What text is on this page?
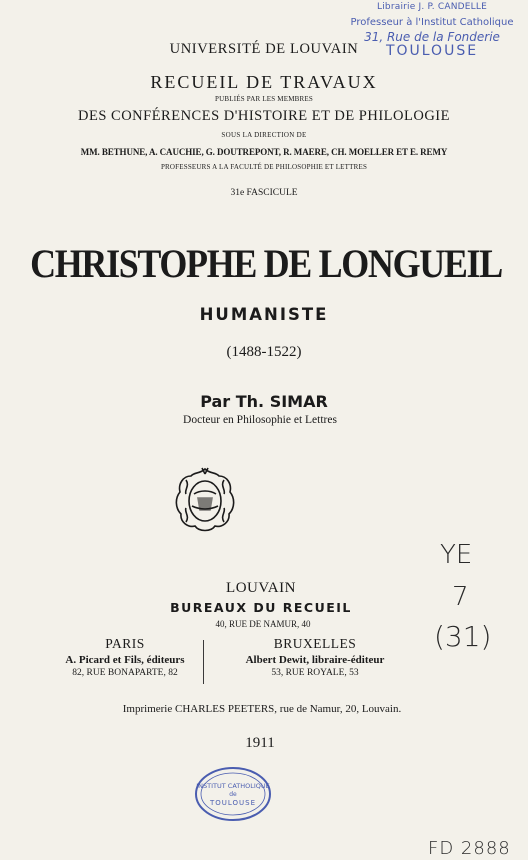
Librairie J. P. CANDELLE
Professeur à l'Institut Catholique
31, Rue de la Fonderie
TOULOUSE
UNIVERSITÉ DE LOUVAIN
RECUEIL DE TRAVAUX
PUBLIÉS PAR LES MEMBRES
DES CONFÉRENCES D'HISTOIRE ET DE PHILOLOGIE
SOUS LA DIRECTION DE
MM. BETHUNE, A. CAUCHIE, G. DOUTREPONT, R. MAERE, CH. MOELLER ET E. REMY
PROFESSEURS A LA FACULTÉ DE PHILOSOPHIE ET LETTRES
31e FASCICULE
CHRISTOPHE DE LONGUEIL
HUMANISTE
(1488-1522)
Par Th. SIMAR
Docteur en Philosophie et Lettres
LOUVAIN
BUREAUX DU RECUEIL
40, RUE DE NAMUR, 40
PARIS
A. Picard et Fils, éditeurs
82, RUE BONAPARTE, 82
BRUXELLES
Albert Dewit, libraire-éditeur
53, RUE ROYALE, 53
Imprimerie CHARLES PEETERS, rue de Namur, 20, Louvain.
1911
INSTITUT CATHOLIQUE
de
TOULOUSE
YE
7
(31)
FD 2888
